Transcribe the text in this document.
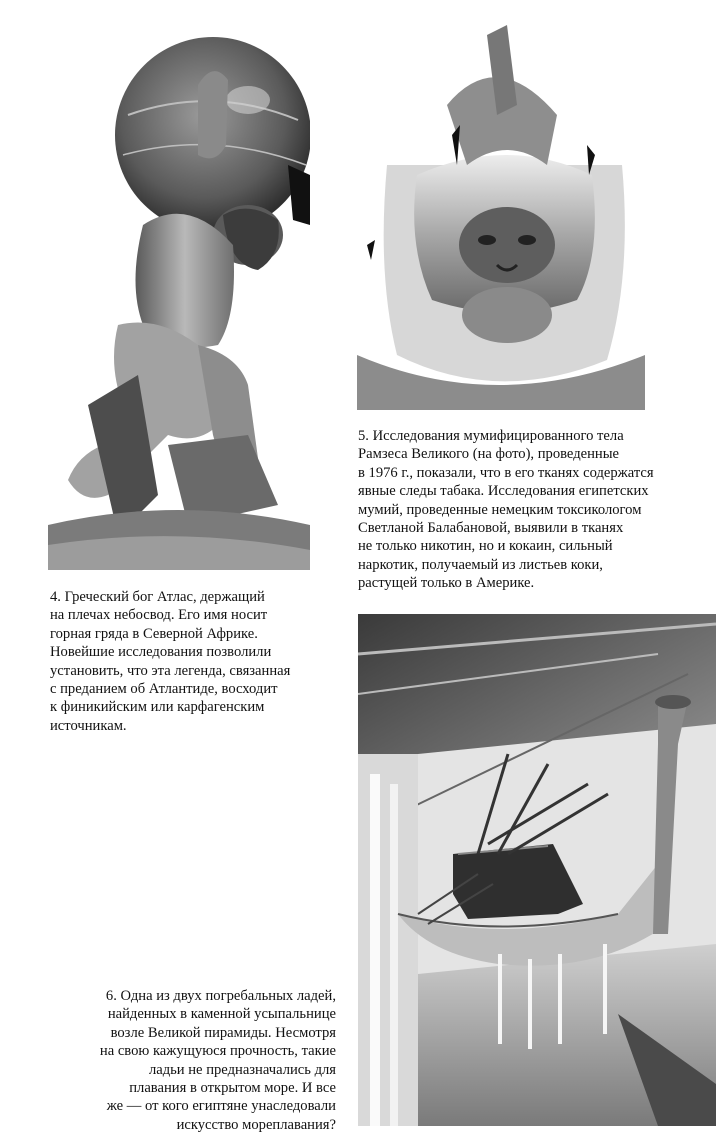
4. Греческий бог Атлас, держащий
на плечах небосвод. Его имя носит
горная гряда в Северной Африке.
Новейшие исследования позволили
установить, что эта легенда, связанная
с преданием об Атлантиде, восходит
к финикийским или карфагенским
источникам.
5. Исследования мумифицированного тела
Рамзеса Великого (на фото), проведенные
в 1976 г., показали, что в его тканях содержатся
явные следы табака. Исследования египетских
мумий, проведенные немецким токсикологом
Светланой Балабановой, выявили в тканях
не только никотин, но и кокаин, сильный
наркотик, получаемый из листьев коки,
растущей только в Америке.
6. Одна из двух погребальных ладей,
найденных в каменной усыпальнице
возле Великой пирамиды. Несмотря
на свою кажущуюся прочность, такие
ладьи не предназначались для
плавания в открытом море. И все
же — от кого египтяне унаследовали
искусство мореплавания?
